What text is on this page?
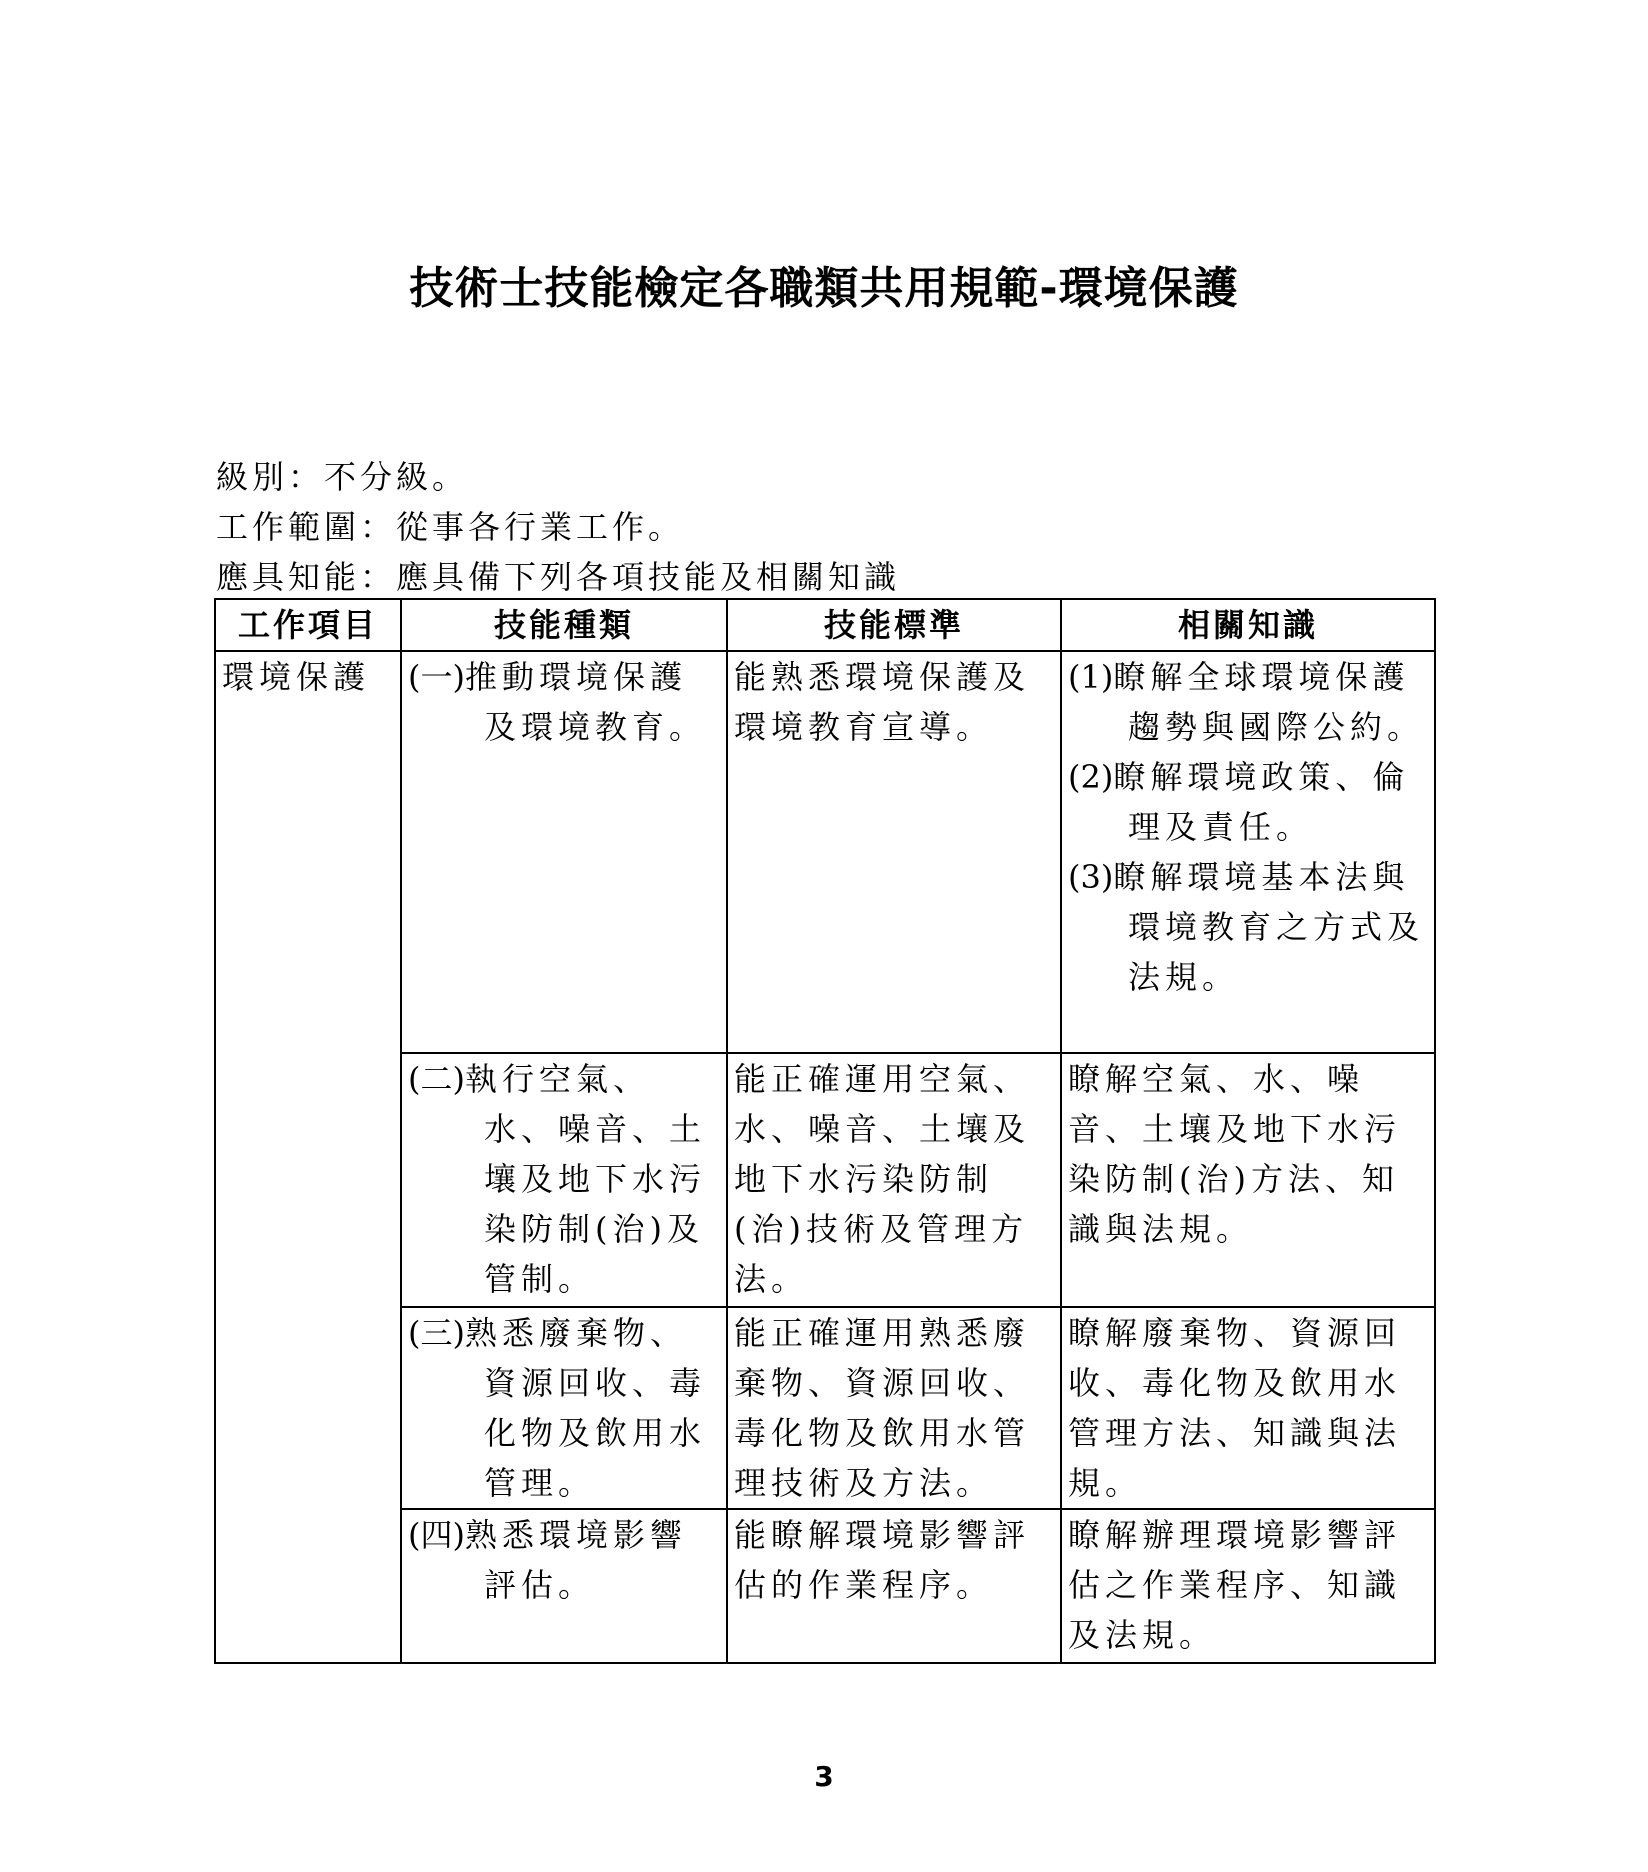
技術士技能檢定各職類共用規範-環境保護
級別：不分級。
工作範圍：從事各行業工作。
應具知能：應具備下列各項技能及相關知識
工作項目	技能種類	技能標準	相關知識
環境保護	(一)推動環境保護及環境教育。	能熟悉環境保護及環境教育宣導。	(1)瞭解全球環境保護趨勢與國際公約。
(2)瞭解環境政策、倫理及責任。
(3)瞭解環境基本法與環境教育之方式及法規。

	(二)執行空氣、水、噪音、土壤及地下水污染防制(治)及管制。	能正確運用空氣、水、噪音、土壤及地下水污染防制(治)技術及管理方法。	瞭解空氣、水、噪音、土壤及地下水污染防制(治)方法、知識與法規。

	(三)熟悉廢棄物、資源回收、毒化物及飲用水管理。	能正確運用熟悉廢棄物、資源回收、毒化物及飲用水管理技術及方法。	瞭解廢棄物、資源回收、毒化物及飲用水管理方法、知識與法規。

	(四)熟悉環境影響評估。	能瞭解環境影響評估的作業程序。	瞭解辦理環境影響評估之作業程序、知識及法規。
3
